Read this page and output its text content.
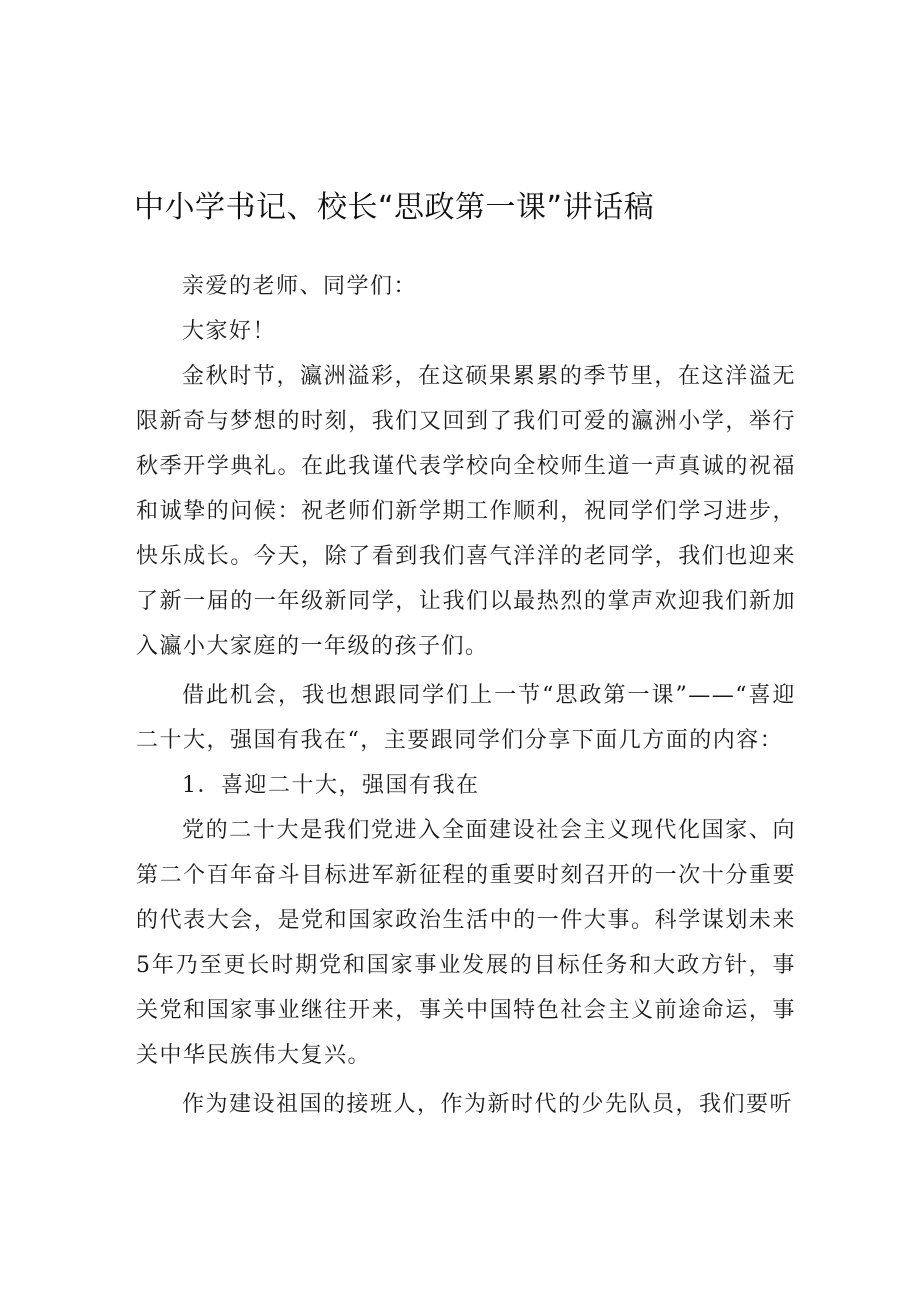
中小学书记、校长“思政第一课”讲话稿

亲爱的老师、同学们：

大家好！

金秋时节，瀛洲溢彩，在这硕果累累的季节里，在这洋溢无限新奇与梦想的时刻，我们又回到了我们可爱的瀛洲小学，举行秋季开学典礼。在此我谨代表学校向全校师生道一声真诚的祝福和诚挚的问候：祝老师们新学期工作顺利，祝同学们学习进步，快乐成长。今天，除了看到我们喜气洋洋的老同学，我们也迎来了新一届的一年级新同学，让我们以最热烈的掌声欢迎我们新加入瀛小大家庭的一年级的孩子们。

借此机会，我也想跟同学们上一节“思政第一课”——“喜迎二十大，强国有我在“，主要跟同学们分享下面几方面的内容：

1．喜迎二十大，强国有我在

党的二十大是我们党进入全面建设社会主义现代化国家、向第二个百年奋斗目标进军新征程的重要时刻召开的一次十分重要的代表大会，是党和国家政治生活中的一件大事。科学谋划未来5年乃至更长时期党和国家事业发展的目标任务和大政方针，事关党和国家事业继往开来，事关中国特色社会主义前途命运，事关中华民族伟大复兴。

作为建设祖国的接班人，作为新时代的少先队员，我们要听
